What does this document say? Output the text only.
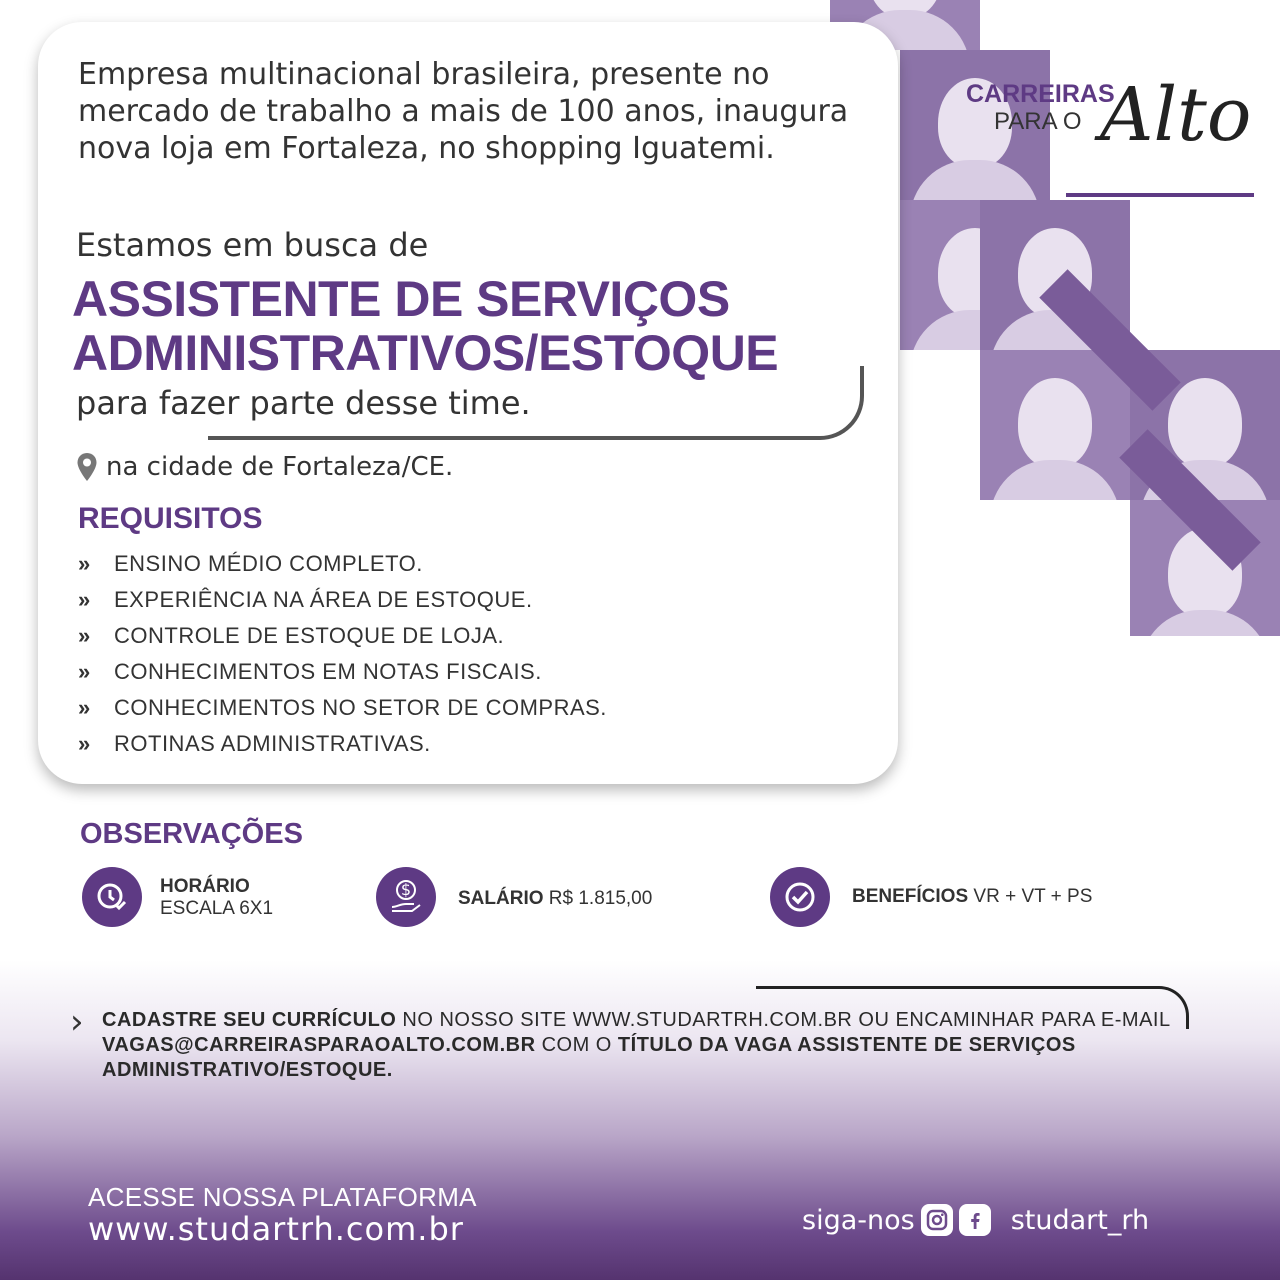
CARREIRAS
PARA O Alto
Empresa multinacional brasileira, presente no mercado de trabalho a mais de 100 anos, inaugura nova loja em Fortaleza, no shopping Iguatemi.
Estamos em busca de
ASSISTENTE DE SERVIÇOS
ADMINISTRATIVOS/ESTOQUE
para fazer parte desse time.
na cidade de Fortaleza/CE.
REQUISITOS
»	ENSINO MÉDIO COMPLETO.
»	EXPERIÊNCIA NA ÁREA DE ESTOQUE.
»	CONTROLE DE ESTOQUE DE LOJA.
»	CONHECIMENTOS EM NOTAS FISCAIS.
»	CONHECIMENTOS NO SETOR DE COMPRAS.
»	ROTINAS ADMINISTRATIVAS.
OBSERVAÇÕES
HORÁRIO
ESCALA 6X1
$ SALÁRIO R$ 1.815,00	BENEFÍCIOS VR + VT + PS
› CADASTRE SEU CURRÍCULO NO NOSSO SITE WWW.STUDARTRH.COM.BR OU ENCAMINHAR PARA E-MAIL VAGAS@CARREIRASPARAOALTO.COM.BR COM O TÍTULO DA VAGA ASSISTENTE DE SERVIÇOS ADMINISTRATIVO/ESTOQUE.
ACESSE NOSSA PLATAFORMA
www.studartrh.com.br	siga-nos	studart_rh
